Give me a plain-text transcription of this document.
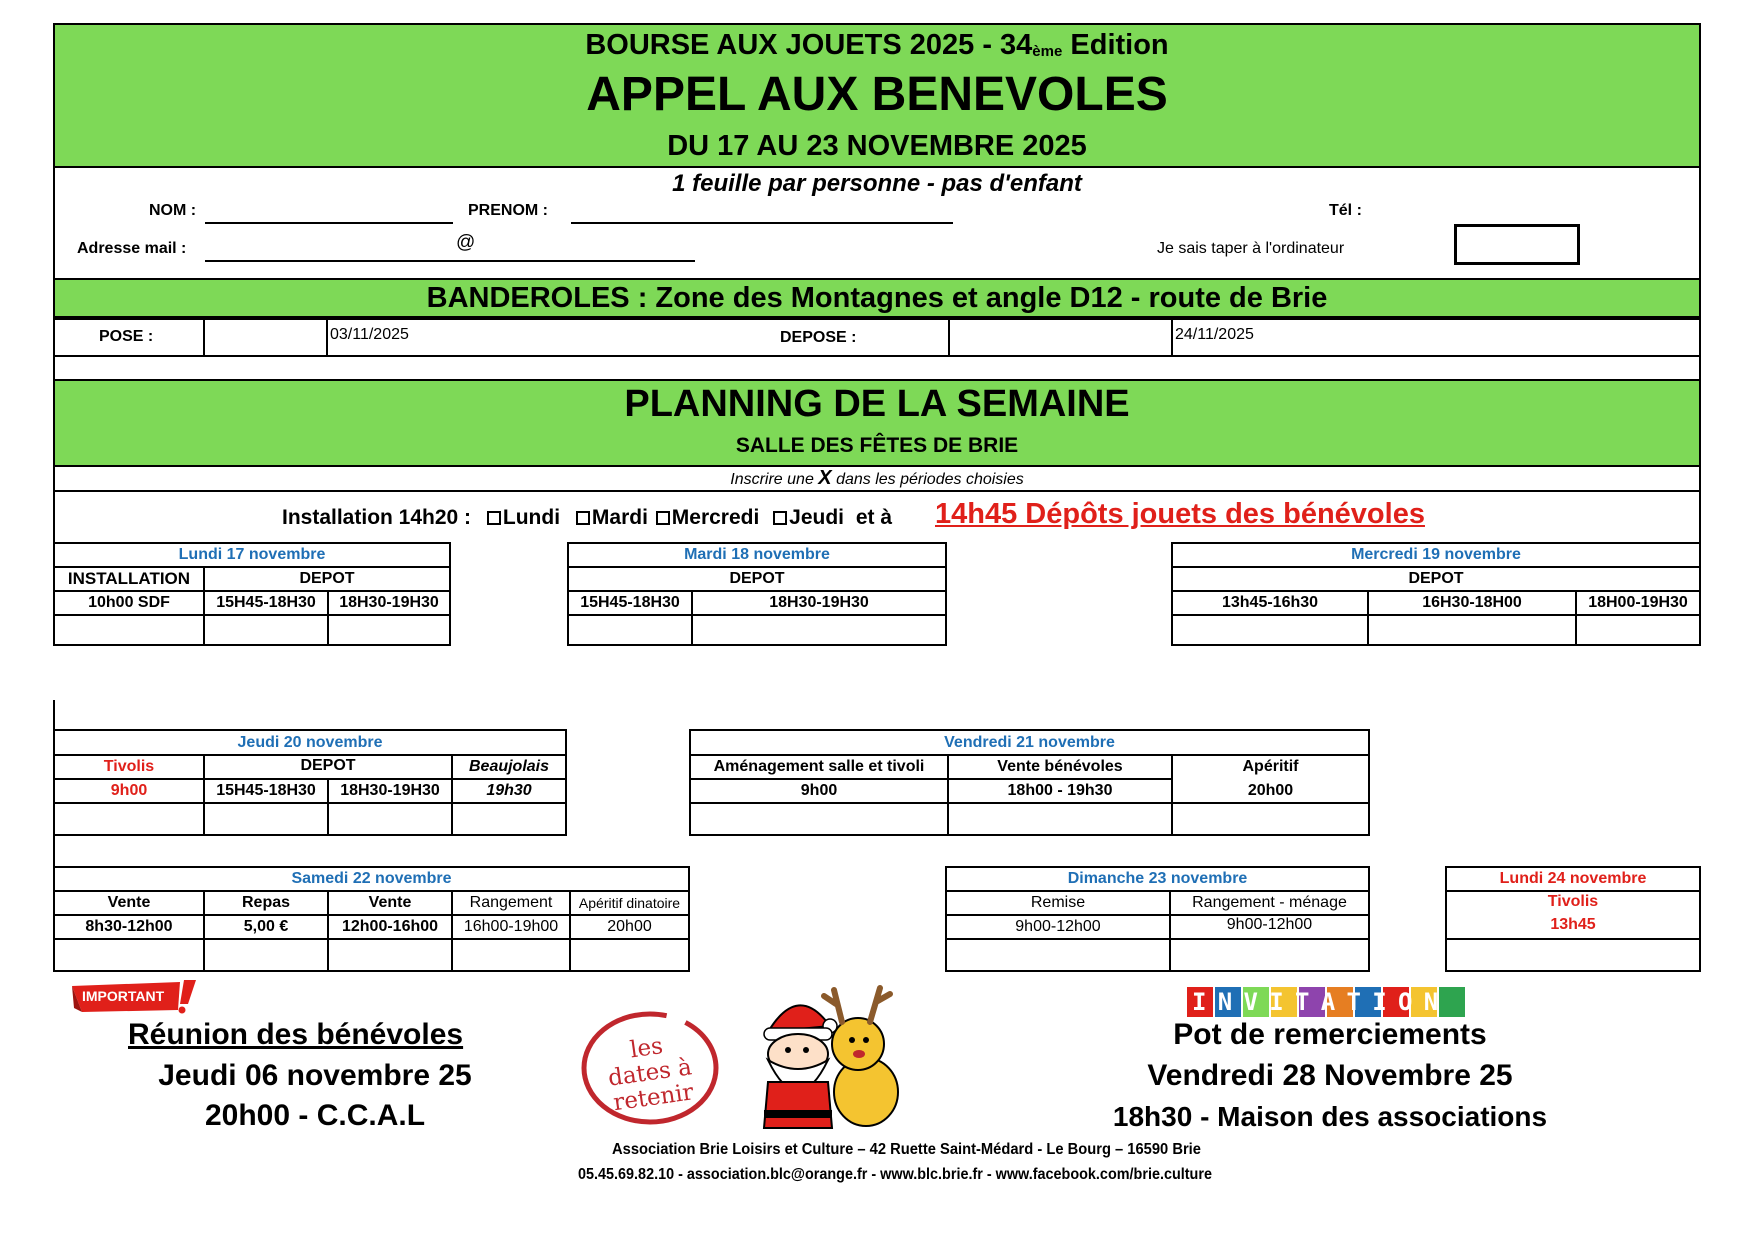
BOURSE AUX JOUETS 2025 - 34ème Edition
APPEL AUX BENEVOLES
DU 17 AU 23 NOVEMBRE 2025
1 feuille par personne - pas d'enfant
NOM :	PRENOM :	Tél :
Adresse mail :	@	Je sais taper à l'ordinateur
BANDEROLES : Zone des Montagnes et angle D12 - route de Brie
POSE :	03/11/2025	DEPOSE :	24/11/2025
PLANNING DE LA SEMAINE
SALLE DES FÊTES DE BRIE
Inscrire une X dans les périodes choisies
Installation 14h20 : Lundi Mardi Mercredi Jeudi et à 14h45 Dépôts jouets des bénévoles
Lundi 17 novembre
INSTALLATION	DEPOT
10h00 SDF	15H45-18H30	18H30-19H30
Mardi 18 novembre
DEPOT
15H45-18H30	18H30-19H30
Mercredi 19 novembre
DEPOT
13h45-16h30	16H30-18H00	18H00-19H30
Jeudi 20 novembre
Tivolis	DEPOT	Beaujolais
9h00	15H45-18H30	18H30-19H30	19h30
Vendredi 21 novembre
Aménagement salle et tivoli	Vente bénévoles	Apéritif
9h00	18h00 - 19h30	20h00
Samedi 22 novembre
Vente	Repas	Vente	Rangement	Apéritif dinatoire
8h30-12h00	5,00 €	12h00-16h00	16h00-19h00	20h00
Dimanche 23 novembre
Remise	Rangement - ménage
9h00-12h00	9h00-12h00
Lundi 24 novembre
Tivolis
13h45
IMPORTANT
Réunion des bénévoles
Jeudi 06 novembre 25
20h00 - C.C.A.L
les dates à retenir
INVITATION
Pot de remerciements
Vendredi 28 Novembre 25
18h30 - Maison des associations
Association Brie Loisirs et Culture – 42 Ruette Saint-Médard - Le Bourg – 16590 Brie
05.45.69.82.10 - association.blc@orange.fr - www.blc.brie.fr - www.facebook.com/brie.culture
